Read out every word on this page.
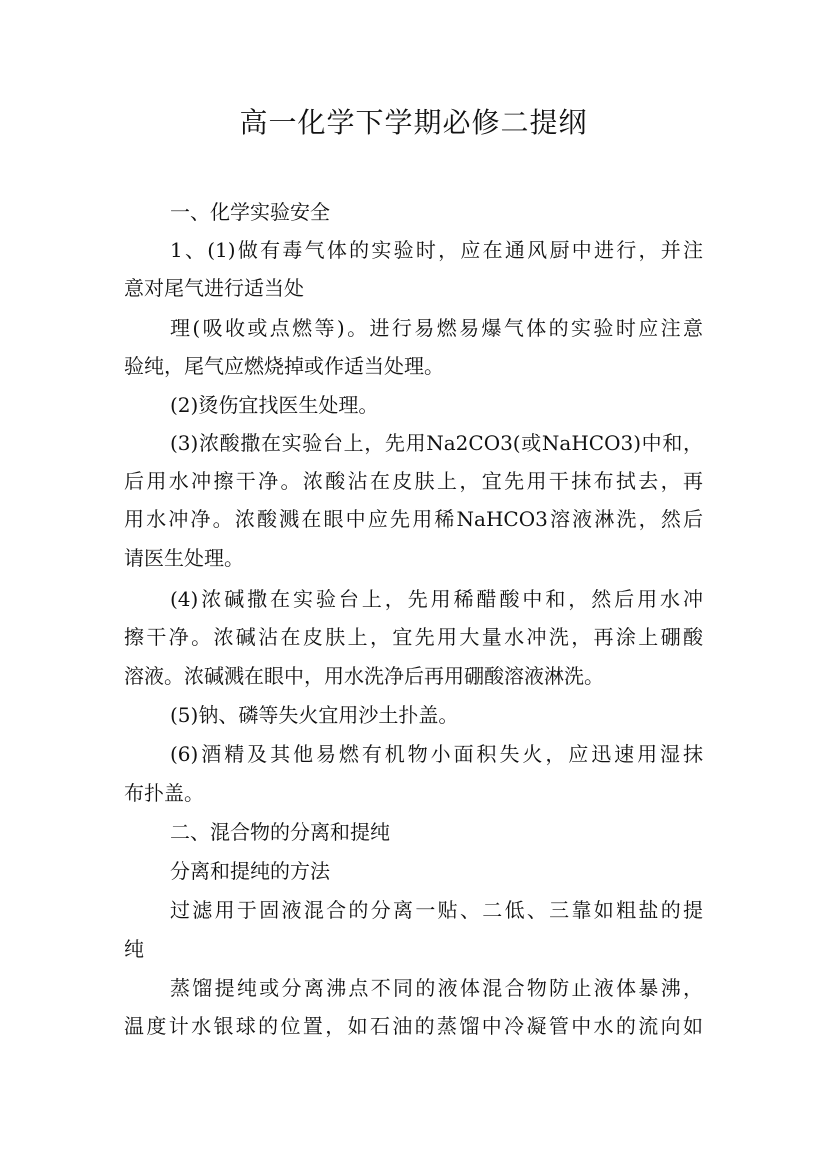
高一化学下学期必修二提纲
一、化学实验安全
1、(1)做有毒气体的实验时，应在通风厨中进行，并注
意对尾气进行适当处
理(吸收或点燃等)。进行易燃易爆气体的实验时应注意
验纯，尾气应燃烧掉或作适当处理。
(2)烫伤宜找医生处理。
(3)浓酸撒在实验台上，先用Na2CO3(或NaHCO3)中和，
后用水冲擦干净。浓酸沾在皮肤上，宜先用干抹布拭去，再
用水冲净。浓酸溅在眼中应先用稀NaHCO3溶液淋洗，然后
请医生处理。
(4)浓碱撒在实验台上，先用稀醋酸中和，然后用水冲
擦干净。浓碱沾在皮肤上，宜先用大量水冲洗，再涂上硼酸
溶液。浓碱溅在眼中，用水洗净后再用硼酸溶液淋洗。
(5)钠、磷等失火宜用沙土扑盖。
(6)酒精及其他易燃有机物小面积失火，应迅速用湿抹
布扑盖。
二、混合物的分离和提纯
分离和提纯的方法
过滤用于固液混合的分离一贴、二低、三靠如粗盐的提
纯
蒸馏提纯或分离沸点不同的液体混合物防止液体暴沸，
温度计水银球的位置，如石油的蒸馏中冷凝管中水的流向如
